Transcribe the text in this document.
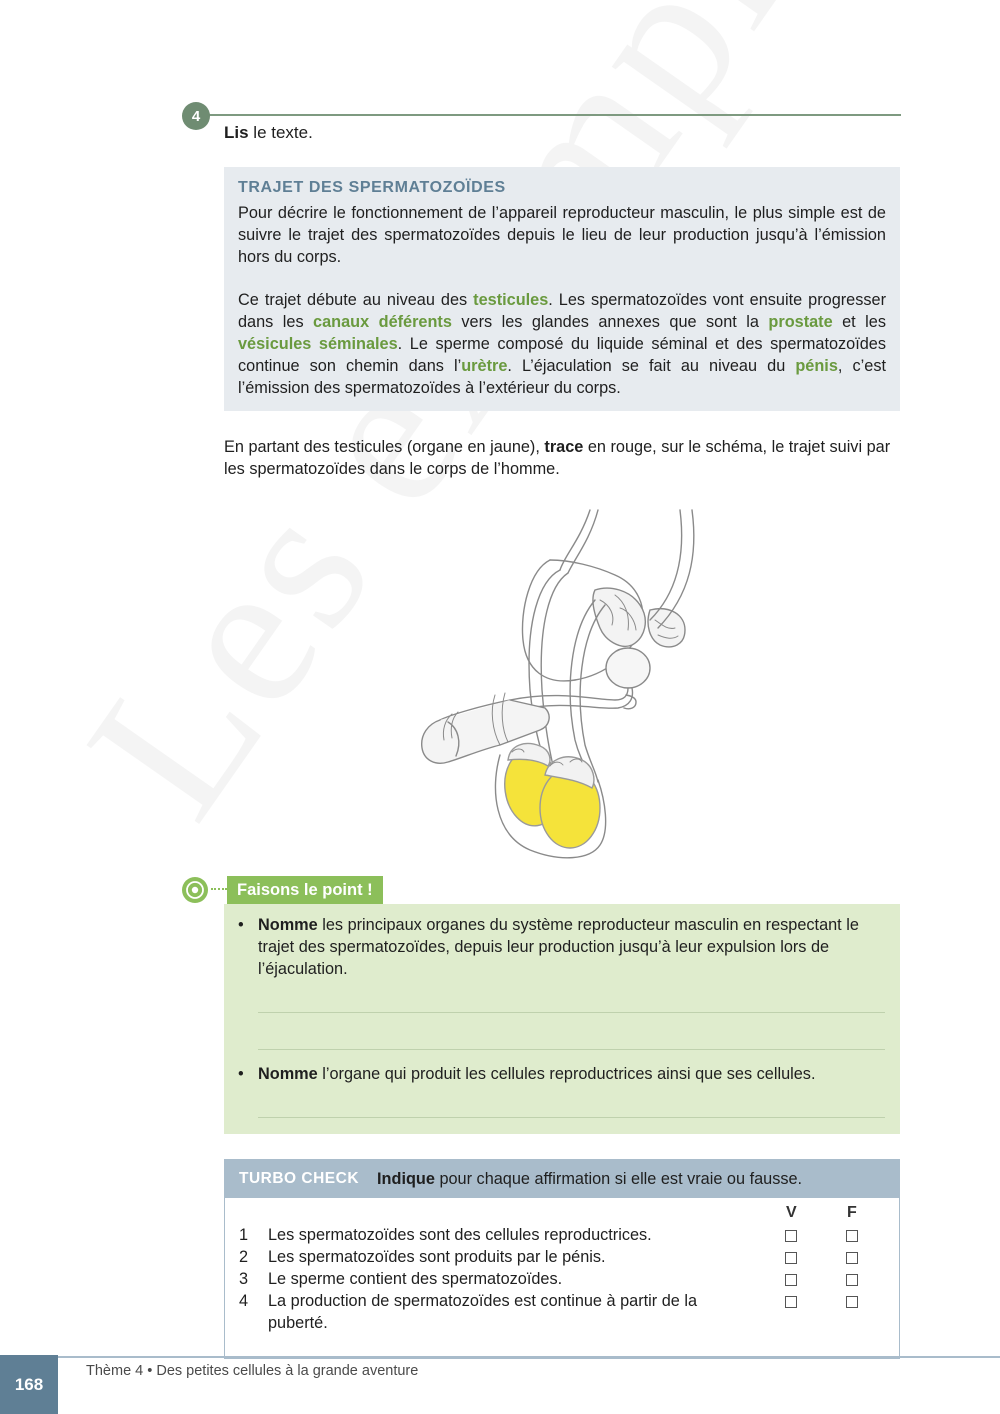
4
Lis le texte.
TRAJET DES SPERMATOZOÏDES

Pour décrire le fonctionnement de l’appareil reproducteur masculin, le plus simple est de suivre le trajet des spermatozoïdes depuis le lieu de leur production jusqu’à l’émission hors du corps.

Ce trajet débute au niveau des testicules. Les spermatozoïdes vont ensuite progresser dans les canaux déférents vers les glandes annexes que sont la prostate et les vésicules séminales. Le sperme composé du liquide séminal et des spermatozoïdes continue son chemin dans l’urètre. L’éjaculation se fait au niveau du pénis, c’est l’émission des spermatozoïdes à l’extérieur du corps.

En partant des testicules (organe en jaune), trace en rouge, sur le schéma, le trajet suivi par les spermatozoïdes dans le corps de l’homme.
Faisons le point !
• Nomme les principaux organes du système reproducteur masculin en respectant le trajet des spermatozoïdes, depuis leur production jusqu’à leur expulsion lors de l’éjaculation.
• Nomme l’organe qui produit les cellules reproductrices ainsi que ses cellules.
TURBO CHECK Indique pour chaque affirmation si elle est vraie ou fausse.
V	F
1	Les spermatozoïdes sont des cellules reproductrices.
2	Les spermatozoïdes sont produits par le pénis.
3	Le sperme contient des spermatozoïdes.
4	La production de spermatozoïdes est continue à partir de la puberté.
168
Thème 4 • Des petites cellules à la grande aventure
